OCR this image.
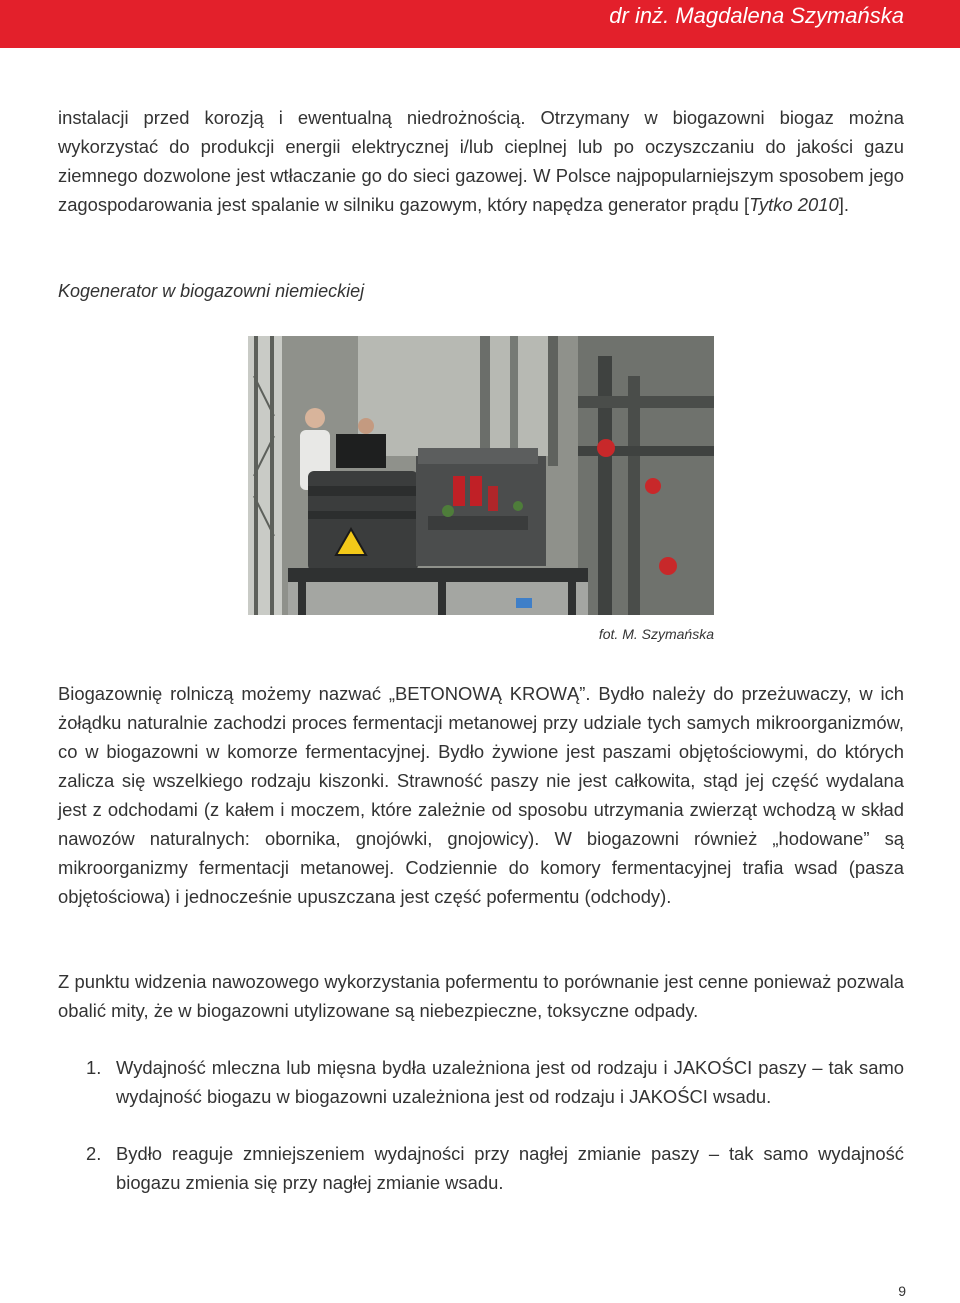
dr inż. Magdalena Szymańska

instalacji przed korozją i ewentualną niedrożnością. Otrzymany w biogazowni biogaz można wykorzystać do produkcji energii elektrycznej i/lub cieplnej lub po oczyszczaniu do jakości gazu ziemnego dozwolone jest wtłaczanie go do sieci gazowej. W Polsce najpopularniejszym sposobem jego zagospodarowania jest spalanie w silniku gazowym, który napędza generator prądu [Tytko 2010].

Kogenerator w biogazowni niemieckiej
fot. M. Szymańska

Biogazownię rolniczą możemy nazwać „BETONOWĄ KROWĄ”. Bydło należy do przeżuwaczy, w ich żołądku naturalnie zachodzi proces fermentacji metanowej przy udziale tych samych mikroorganizmów, co w biogazowni w komorze fermentacyjnej. Bydło żywione jest paszami objętościowymi, do których zalicza się wszelkiego rodzaju kiszonki. Strawność paszy nie jest całkowita, stąd jej część wydalana jest z odchodami (z kałem i moczem, które zależnie od sposobu utrzymania zwierząt wchodzą w skład nawozów naturalnych: obornika, gnojówki, gnojowicy). W biogazowni również „hodowane” są mikroorganizmy fermentacji metanowej. Codziennie do komory fermentacyjnej trafia wsad (pasza objętościowa) i jednocześnie upuszczana jest część pofermentu (odchody).

Z punktu widzenia nawozowego wykorzystania pofermentu to porównanie jest cenne ponieważ pozwala obalić mity, że w biogazowni utylizowane są niebezpieczne, toksyczne odpady.

1. Wydajność mleczna lub mięsna bydła uzależniona jest od rodzaju i JAKOŚCI paszy – tak samo wydajność biogazu w biogazowni uzależniona jest od rodzaju i JAKOŚCI wsadu.

2. Bydło reaguje zmniejszeniem wydajności przy nagłej zmianie paszy – tak samo wydajność biogazu zmienia się przy nagłej zmianie wsadu.

9
